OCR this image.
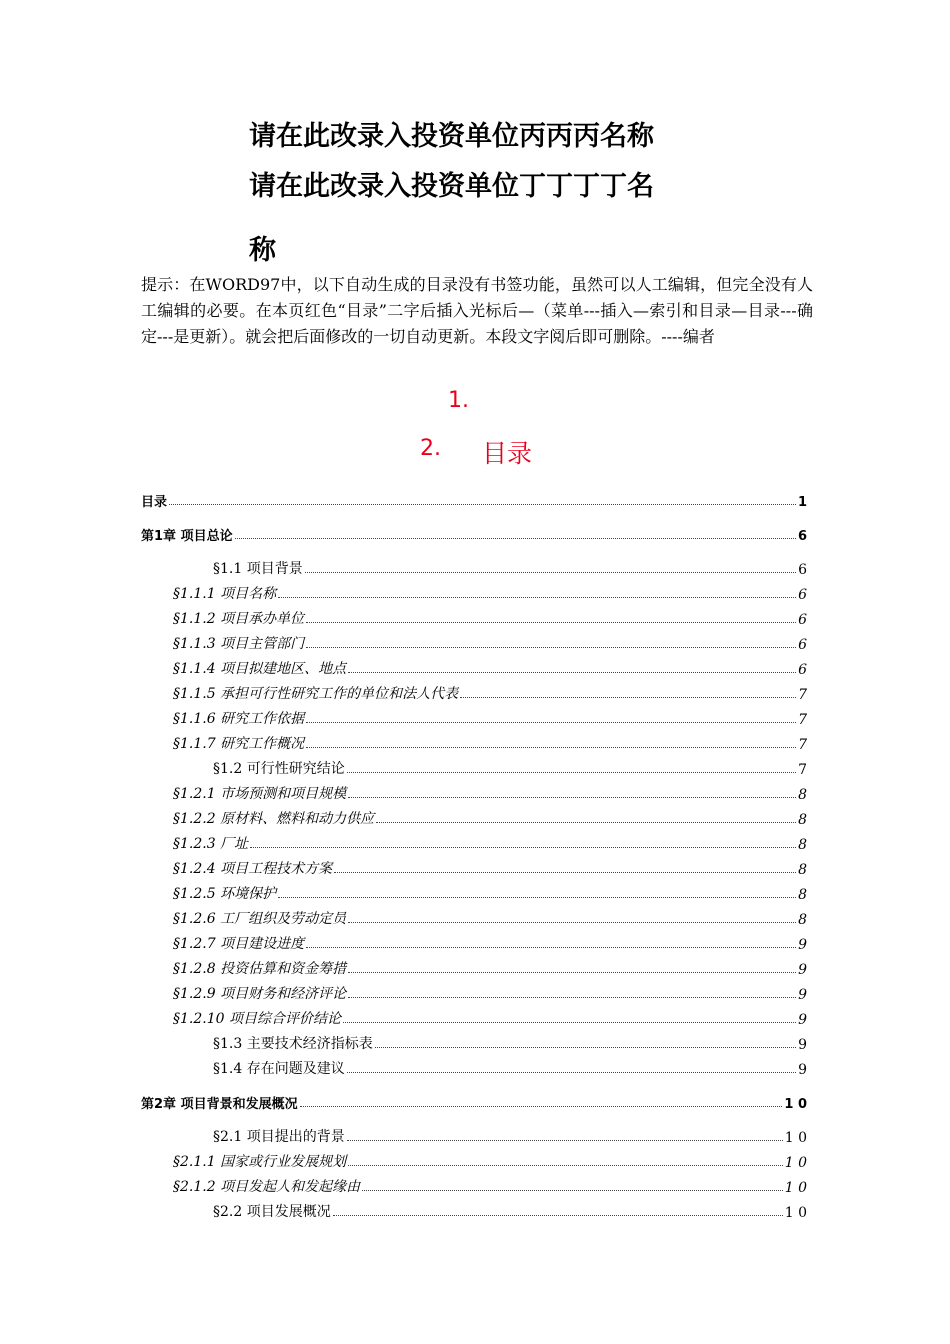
请在此改录入投资单位丙丙丙名称
请在此改录入投资单位丁丁丁丁名
称
提示：在WORD97中，以下自动生成的目录没有书签功能，虽然可以人工编辑，但完全没有人工编辑的必要。在本页红色“目录”二字后插入光标后—（菜单---插入—索引和目录—目录---确定---是更新）。就会把后面修改的一切自动更新。本段文字阅后即可删除。----编者
1.
2. 目录
目录	1
第1章 项目总论	6
§1.1 项目背景	6
§1.1.1 项目名称	6
§1.1.2 项目承办单位	6
§1.1.3 项目主管部门	6
§1.1.4 项目拟建地区、地点	6
§1.1.5 承担可行性研究工作的单位和法人代表	7
§1.1.6 研究工作依据	7
§1.1.7 研究工作概况	7
§1.2 可行性研究结论	7
§1.2.1 市场预测和项目规模	8
§1.2.2 原材料、燃料和动力供应	8
§1.2.3 厂址	8
§1.2.4 项目工程技术方案	8
§1.2.5 环境保护	8
§1.2.6 工厂组织及劳动定员	8
§1.2.7 项目建设进度	9
§1.2.8 投资估算和资金筹措	9
§1.2.9 项目财务和经济评论	9
§1.2.10 项目综合评价结论	9
§1.3 主要技术经济指标表	9
§1.4 存在问题及建议	9
第2章 项目背景和发展概况	1 0
§2.1 项目提出的背景	1 0
§2.1.1 国家或行业发展规划	1 0
§2.1.2 项目发起人和发起缘由	1 0
§2.2 项目发展概况	1 0
